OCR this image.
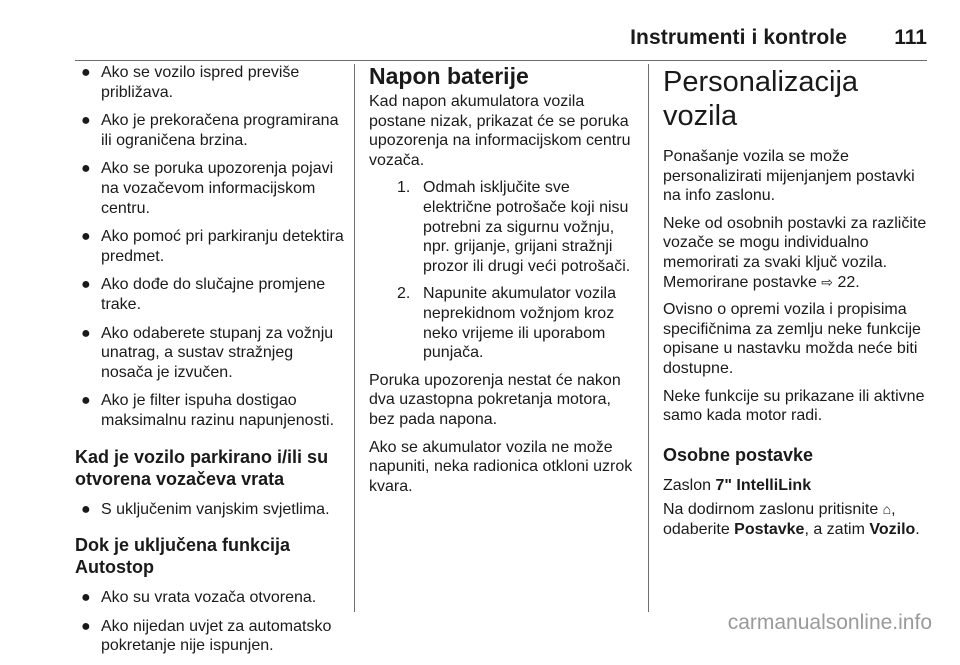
Instrumenti i kontrole 111
● Ako se vozilo ispred previše približava.
● Ako je prekoračena programirana ili ograničena brzina.
● Ako se poruka upozorenja pojavi na vozačevom informacijskom centru.
● Ako pomoć pri parkiranju detektira predmet.
● Ako dođe do slučajne promjene trake.
● Ako odaberete stupanj za vožnju unatrag, a sustav stražnjeg nosača je izvučen.
● Ako je filter ispuha dostigao maksimalnu razinu napunjenosti.
Kad je vozilo parkirano i/ili su otvorena vozačeva vrata
● S uključenim vanjskim svjetlima.
Dok je uključena funkcija Autostop
● Ako su vrata vozača otvorena.
● Ako nijedan uvjet za automatsko pokretanje nije ispunjen.
Napon baterije
Kad napon akumulatora vozila postane nizak, prikazat će se poruka upozorenja na informacijskom centru vozača.
1. Odmah isključite sve električne potrošače koji nisu potrebni za sigurnu vožnju, npr. grijanje, grijani stražnji prozor ili drugi veći potrošači.
2. Napunite akumulator vozila neprekidnom vožnjom kroz neko vrijeme ili uporabom punjača.
Poruka upozorenja nestat će nakon dva uzastopna pokretanja motora, bez pada napona.
Ako se akumulator vozila ne može napuniti, neka radionica otkloni uzrok kvara.
Personalizacija vozila
Ponašanje vozila se može personalizirati mijenjanjem postavki na info zaslonu.
Neke od osobnih postavki za različite vozače se mogu individualno memorirati za svaki ključ vozila. Memorirane postavke ⇨ 22.
Ovisno o opremi vozila i propisima specifičnima za zemlju neke funkcije opisane u nastavku možda neće biti dostupne.
Neke funkcije su prikazane ili aktivne samo kada motor radi.
Osobne postavke
Zaslon 7" IntelliLink
Na dodirnom zaslonu pritisnite ⌂,
odaberite Postavke, a zatim Vozilo.
carmanualsonline.info
